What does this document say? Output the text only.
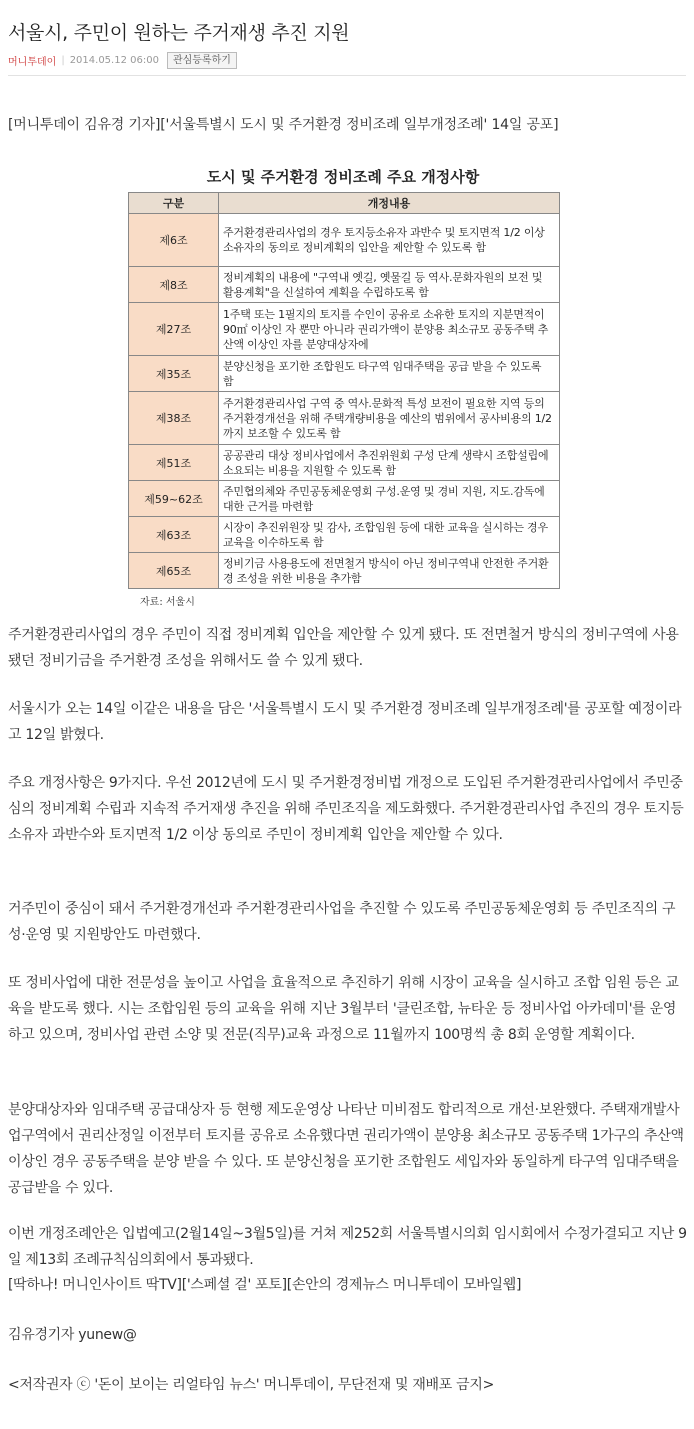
서울시, 주민이 원하는 주거재생 추진 지원
머니투데이 | 2014.05.12 06:00	관심등록하기
[머니투데이 김유경 기자]['서울특별시 도시 및 주거환경 정비조례 일부개정조례' 14일 공포]
도시 및 주거환경 정비조례 주요 개정사항
구분	개정내용
제6조	주거환경관리사업의 경우 토지등소유자 과반수 및 토지면적 1/2 이상 소유자의 동의로 정비계획의 입안을 제안할 수 있도록 함
제8조	정비계획의 내용에 "구역내 옛길, 옛물길 등 역사.문화자원의 보전 및 활용계획"을 신설하여 계획을 수립하도록 함
제27조	1주택 또는 1필지의 토지를 수인이 공유로 소유한 토지의 지분면적이 90㎡ 이상인 자 뿐만 아니라 권리가액이 분양용 최소규모 공동주택 추산액 이상인 자를 분양대상자에
제35조	분양신청을 포기한 조합원도 타구역 임대주택을 공급 받을 수 있도록 함
제38조	주거환경관리사업 구역 중 역사.문화적 특성 보전이 필요한 지역 등의 주거환경개선을 위해 주택개량비용을 예산의 범위에서 공사비용의 1/2까지 보조할 수 있도록 함
제51조	공공관리 대상 정비사업에서 추진위원회 구성 단계 생략시 조합설립에 소요되는 비용을 지원할 수 있도록 함
제59~62조	주민협의체와 주민공동체운영회 구성.운영 및 경비 지원, 지도.감독에 대한 근거를 마련함
제63조	시장이 추진위원장 및 감사, 조합임원 등에 대한 교육을 실시하는 경우 교육을 이수하도록 함
제65조	정비기금 사용용도에 전면철거 방식이 아닌 정비구역내 안전한 주거환경 조성을 위한 비용을 추가함
자료: 서울시

주거환경관리사업의 경우 주민이 직접 정비계획 입안을 제안할 수 있게 됐다. 또 전면철거 방식의 정비구역에 사용됐던 정비기금을 주거환경 조성을 위해서도 쓸 수 있게 됐다.

서울시가 오는 14일 이같은 내용을 담은 '서울특별시 도시 및 주거환경 정비조례 일부개정조례'를 공포할 예정이라고 12일 밝혔다.

주요 개정사항은 9가지다. 우선 2012년에 도시 및 주거환경정비법 개정으로 도입된 주거환경관리사업에서 주민중심의 정비계획 수립과 지속적 주거재생 추진을 위해 주민조직을 제도화했다. 주거환경관리사업 추진의 경우 토지등소유자 과반수와 토지면적 1/2 이상 동의로 주민이 정비계획 입안을 제안할 수 있다.

거주민이 중심이 돼서 주거환경개선과 주거환경관리사업을 추진할 수 있도록 주민공동체운영회 등 주민조직의 구성·운영 및 지원방안도 마련했다.

또 정비사업에 대한 전문성을 높이고 사업을 효율적으로 추진하기 위해 시장이 교육을 실시하고 조합 임원 등은 교육을 받도록 했다. 시는 조합임원 등의 교육을 위해 지난 3월부터 '클린조합, 뉴타운 등 정비사업 아카데미'를 운영하고 있으며, 정비사업 관련 소양 및 전문(직무)교육 과정으로 11월까지 100명씩 총 8회 운영할 계획이다.

분양대상자와 임대주택 공급대상자 등 현행 제도운영상 나타난 미비점도 합리적으로 개선·보완했다. 주택재개발사업구역에서 권리산정일 이전부터 토지를 공유로 소유했다면 권리가액이 분양용 최소규모 공동주택 1가구의 추산액 이상인 경우 공동주택을 분양 받을 수 있다. 또 분양신청을 포기한 조합원도 세입자와 동일하게 타구역 임대주택을 공급받을 수 있다.

이번 개정조례안은 입법예고(2월14일~3월5일)를 거쳐 제252회 서울특별시의회 임시회에서 수정가결되고 지난 9일 제13회 조례규칙심의회에서 통과됐다.

[딱하나! 머니인사이트 딱TV]['스페셜 걸' 포토][손안의 경제뉴스 머니투데이 모바일웹]

김유경기자 yunew@

<저작권자 ⓒ '돈이 보이는 리얼타임 뉴스' 머니투데이, 무단전재 및 재배포 금지>
